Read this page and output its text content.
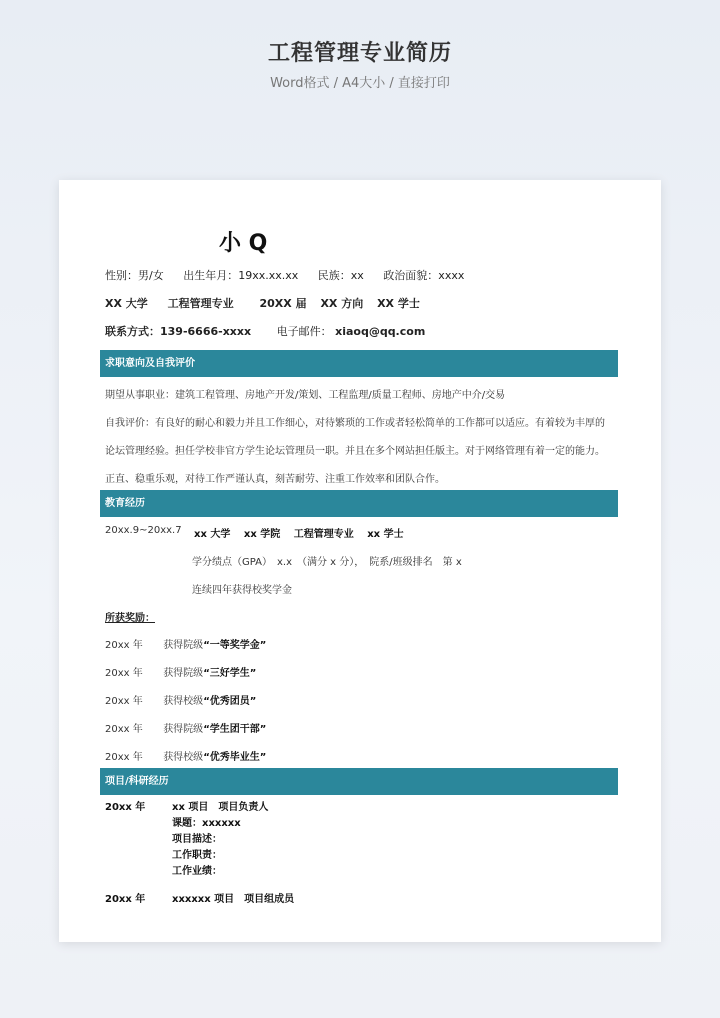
工程管理专业简历
Word格式 / A4大小 / 直接打印
小 Q
性别：男/女 出生年月：19xx.xx.xx 民族：xx 政治面貌：xxxx
XX 大学 工程管理专业 20XX 届 XX 方向 XX 学士
联系方式：139-6666-xxxx 电子邮件： xiaoq@qq.com
求职意向及自我评价
期望从事职业：建筑工程管理、房地产开发/策划、工程监理/质量工程师、房地产中介/交易
自我评价：有良好的耐心和毅力并且工作细心，对待繁琐的工作或者轻松简单的工作都可以适应。有着较为丰厚的
论坛管理经验。担任学校非官方学生论坛管理员一职。并且在多个网站担任版主。对于网络管理有着一定的能力。
正直、稳重乐观，对待工作严谨认真，刻苦耐劳、注重工作效率和团队合作。
教育经历
20xx.9~20xx.7 xx 大学 xx 学院 工程管理专业 xx 学士
学分绩点（GPA）　x.x　（满分 x 分），　院系/班级排名　第 x
连续四年获得校奖学金
所获奖励：
20xx 年 获得院级“一等奖学金”
20xx 年 获得院级“三好学生”
20xx 年 获得校级“优秀团员”
20xx 年 获得院级“学生团干部”
20xx 年 获得校级“优秀毕业生”
项目/科研经历
20xx 年	xx 项目　项目负责人
课题：xxxxxx
项目描述：
工作职责：
工作业绩：
20xx 年	xxxxxx 项目　项目组成员
